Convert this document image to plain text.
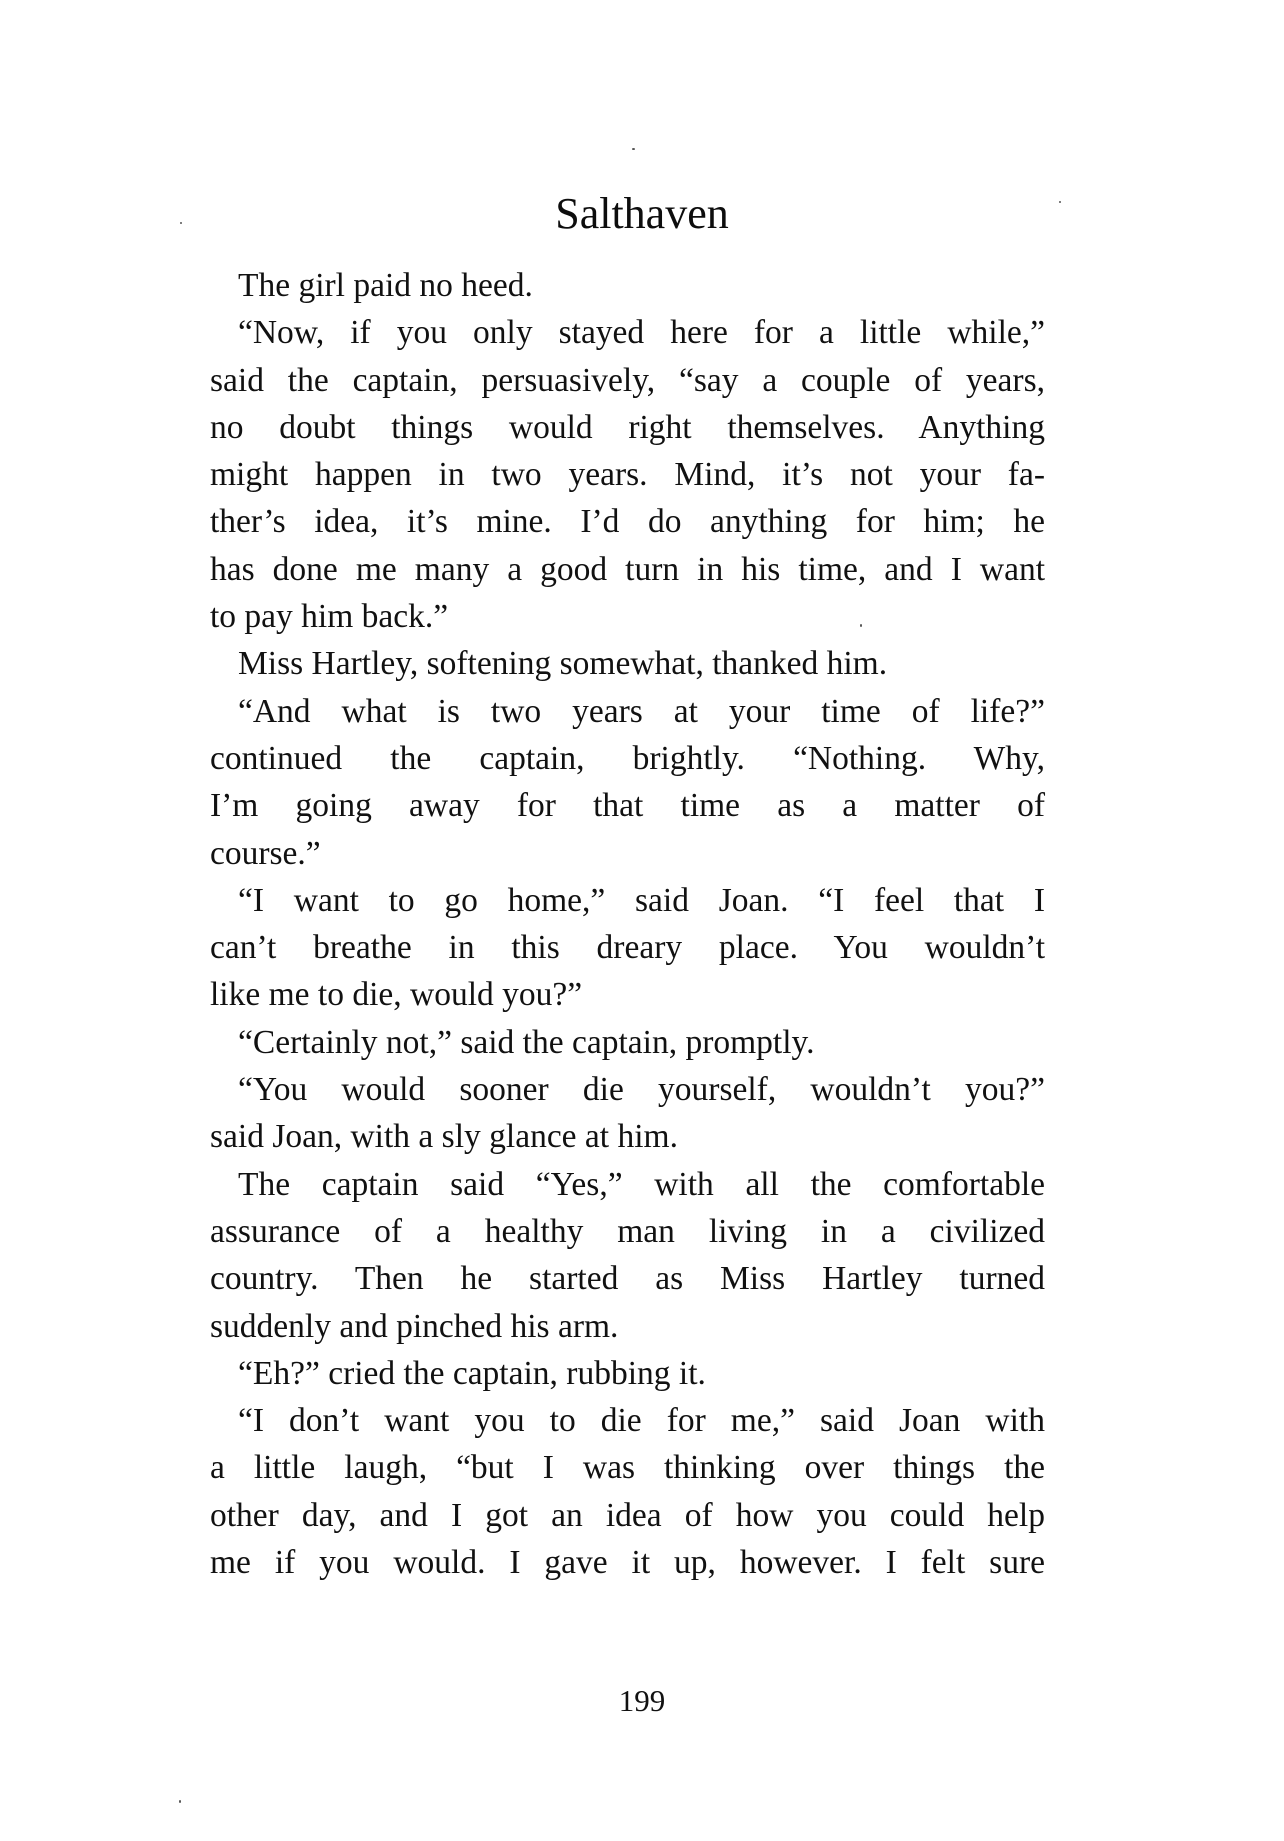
Salthaven
The girl paid no heed.
“Now, if you only stayed here for a little while,”
said the captain, persuasively, “say a couple of years,
no doubt things would right themselves. Anything
might happen in two years. Mind, it’s not your fa-
ther’s idea, it’s mine. I’d do anything for him; he
has done me many a good turn in his time, and I want
to pay him back.”
Miss Hartley, softening somewhat, thanked him.
“And what is two years at your time of life?”
continued the captain, brightly. “Nothing. Why,
I’m going away for that time as a matter of
course.”
“I want to go home,” said Joan. “I feel that I
can’t breathe in this dreary place. You wouldn’t
like me to die, would you?”
“Certainly not,” said the captain, promptly.
“You would sooner die yourself, wouldn’t you?”
said Joan, with a sly glance at him.
The captain said “Yes,” with all the comfortable
assurance of a healthy man living in a civilized
country. Then he started as Miss Hartley turned
suddenly and pinched his arm.
“Eh?” cried the captain, rubbing it.
“I don’t want you to die for me,” said Joan with
a little laugh, “but I was thinking over things the
other day, and I got an idea of how you could help
me if you would. I gave it up, however. I felt sure
199
